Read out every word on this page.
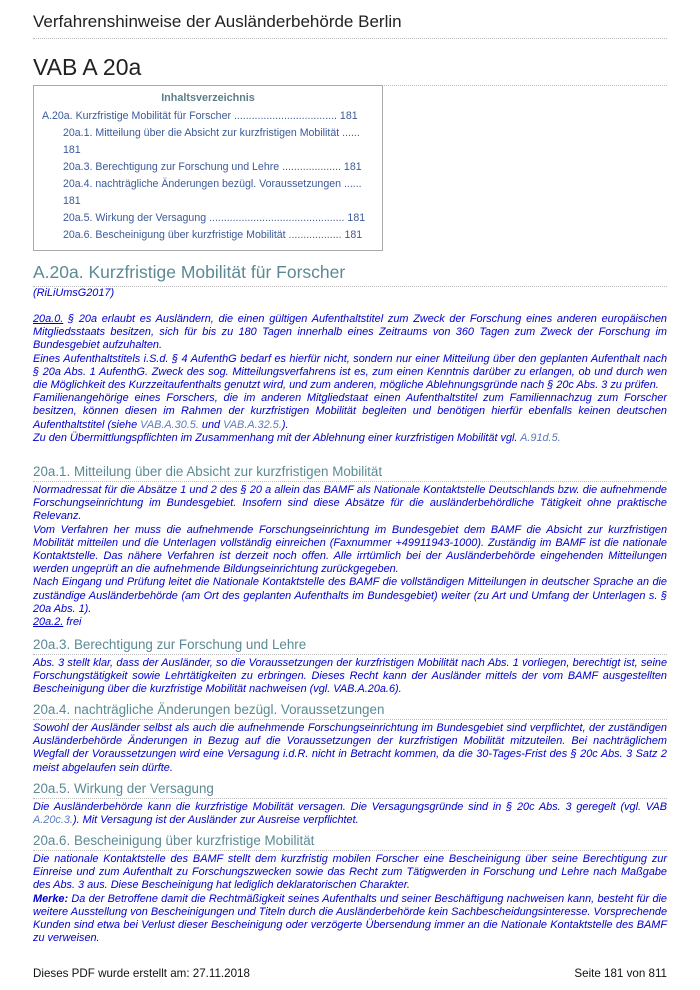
Verfahrenshinweise der Ausländerbehörde Berlin
VAB A 20a
Inhaltsverzeichnis
A.20a. Kurzfristige Mobilität für Forscher ................................... 181
20a.1. Mitteilung über die Absicht zur kurzfristigen Mobilität ...... 181
20a.3. Berechtigung zur Forschung und Lehre .................... 181
20a.4. nachträgliche Änderungen bezügl. Voraussetzungen ...... 181
20a.5. Wirkung der Versagung .............................................. 181
20a.6. Bescheinigung über kurzfristige Mobilität .................. 181
A.20a. Kurzfristige Mobilität für Forscher

(RiLiUmsG2017)

20a.0. § 20a erlaubt es Ausländern, die einen gültigen Aufenthaltstitel zum Zweck der Forschung eines anderen europäischen Mitgliedsstaats besitzen, sich für bis zu 180 Tagen innerhalb eines Zeitraums von 360 Tagen zum Zweck der Forschung im Bundesgebiet aufzuhalten.

Eines Aufenthaltstitels i.S.d. § 4 AufenthG bedarf es hierfür nicht, sondern nur einer Mitteilung über den geplanten Aufenthalt nach § 20a Abs. 1 AufenthG. Zweck des sog. Mitteilungsverfahrens ist es, zum einen Kenntnis darüber zu erlangen, ob und durch wen die Möglichkeit des Kurzzeitaufenthalts genutzt wird, und zum anderen, mögliche Ablehnungsgründe nach § 20c Abs. 3 zu prüfen.

Familienangehörige eines Forschers, die im anderen Mitgliedstaat einen Aufenthaltstitel zum Familiennachzug zum Forscher besitzen, können diesen im Rahmen der kurzfristigen Mobilität begleiten und benötigen hierfür ebenfalls keinen deutschen Aufenthaltstitel (siehe VAB.A.30.5. und VAB.A.32.5.).

Zu den Übermittlungspflichten im Zusammenhang mit der Ablehnung einer kurzfristigen Mobilität vgl. A.91d.5.

20a.1. Mitteilung über die Absicht zur kurzfristigen Mobilität

Normadressat für die Absätze 1 und 2 des § 20 a allein das BAMF als Nationale Kontaktstelle Deutschlands bzw. die aufnehmende Forschungseinrichtung im Bundesgebiet. Insofern sind diese Absätze für die ausländerbehördliche Tätigkeit ohne praktische Relevanz.

Vom Verfahren her muss die aufnehmende Forschungseinrichtung im Bundesgebiet dem BAMF die Absicht zur kurzfristigen Mobilität mitteilen und die Unterlagen vollständig einreichen (Faxnummer +49911943-1000). Zuständig im BAMF ist die nationale Kontaktstelle. Das nähere Verfahren ist derzeit noch offen. Alle irrtümlich bei der Ausländerbehörde eingehenden Mitteilungen werden ungeprüft an die aufnehmende Bildungseinrichtung zurückgegeben.

Nach Eingang und Prüfung leitet die Nationale Kontaktstelle des BAMF die vollständigen Mitteilungen in deutscher Sprache an die zuständige Ausländerbehörde (am Ort des geplanten Aufenthalts im Bundesgebiet) weiter (zu Art und Umfang der Unterlagen s. § 20a Abs. 1).

20a.2. frei

20a.3. Berechtigung zur Forschung und Lehre

Abs. 3 stellt klar, dass der Ausländer, so die Voraussetzungen der kurzfristigen Mobilität nach Abs. 1 vorliegen, berechtigt ist, seine Forschungstätigkeit sowie Lehrtätigkeiten zu erbringen. Dieses Recht kann der Ausländer mittels der vom BAMF ausgestellten Bescheinigung über die kurzfristige Mobilität nachweisen (vgl. VAB.A.20a.6).

20a.4. nachträgliche Änderungen bezügl. Voraussetzungen

Sowohl der Ausländer selbst als auch die aufnehmende Forschungseinrichtung im Bundesgebiet sind verpflichtet, der zuständigen Ausländerbehörde Änderungen in Bezug auf die Voraussetzungen der kurzfristigen Mobilität mitzuteilen. Bei nachträglichem Wegfall der Voraussetzungen wird eine Versagung i.d.R. nicht in Betracht kommen, da die 30-Tages-Frist des § 20c Abs. 3 Satz 2 meist abgelaufen sein dürfte.

20a.5. Wirkung der Versagung

Die Ausländerbehörde kann die kurzfristige Mobilität versagen. Die Versagungsgründe sind in § 20c Abs. 3 geregelt (vgl. VAB A.20c.3.). Mit Versagung ist der Ausländer zur Ausreise verpflichtet.

20a.6. Bescheinigung über kurzfristige Mobilität

Die nationale Kontaktstelle des BAMF stellt dem kurzfristig mobilen Forscher eine Bescheinigung über seine Berechtigung zur Einreise und zum Aufenthalt zu Forschungszwecken sowie das Recht zum Tätigwerden in Forschung und Lehre nach Maßgabe des Abs. 3 aus. Diese Bescheinigung hat lediglich deklaratorischen Charakter.

Merke: Da der Betroffene damit die Rechtmäßigkeit seines Aufenthalts und seiner Beschäftigung nachweisen kann, besteht für die weitere Ausstellung von Bescheinigungen und Titeln durch die Ausländerbehörde kein Sachbescheidungsinteresse. Vorsprechende Kunden sind etwa bei Verlust dieser Bescheinigung oder verzögerte Übersendung immer an die Nationale Kontaktstelle des BAMF zu verweisen.

Dieses PDF wurde erstellt am: 27.11.2018	Seite 181 von 811
